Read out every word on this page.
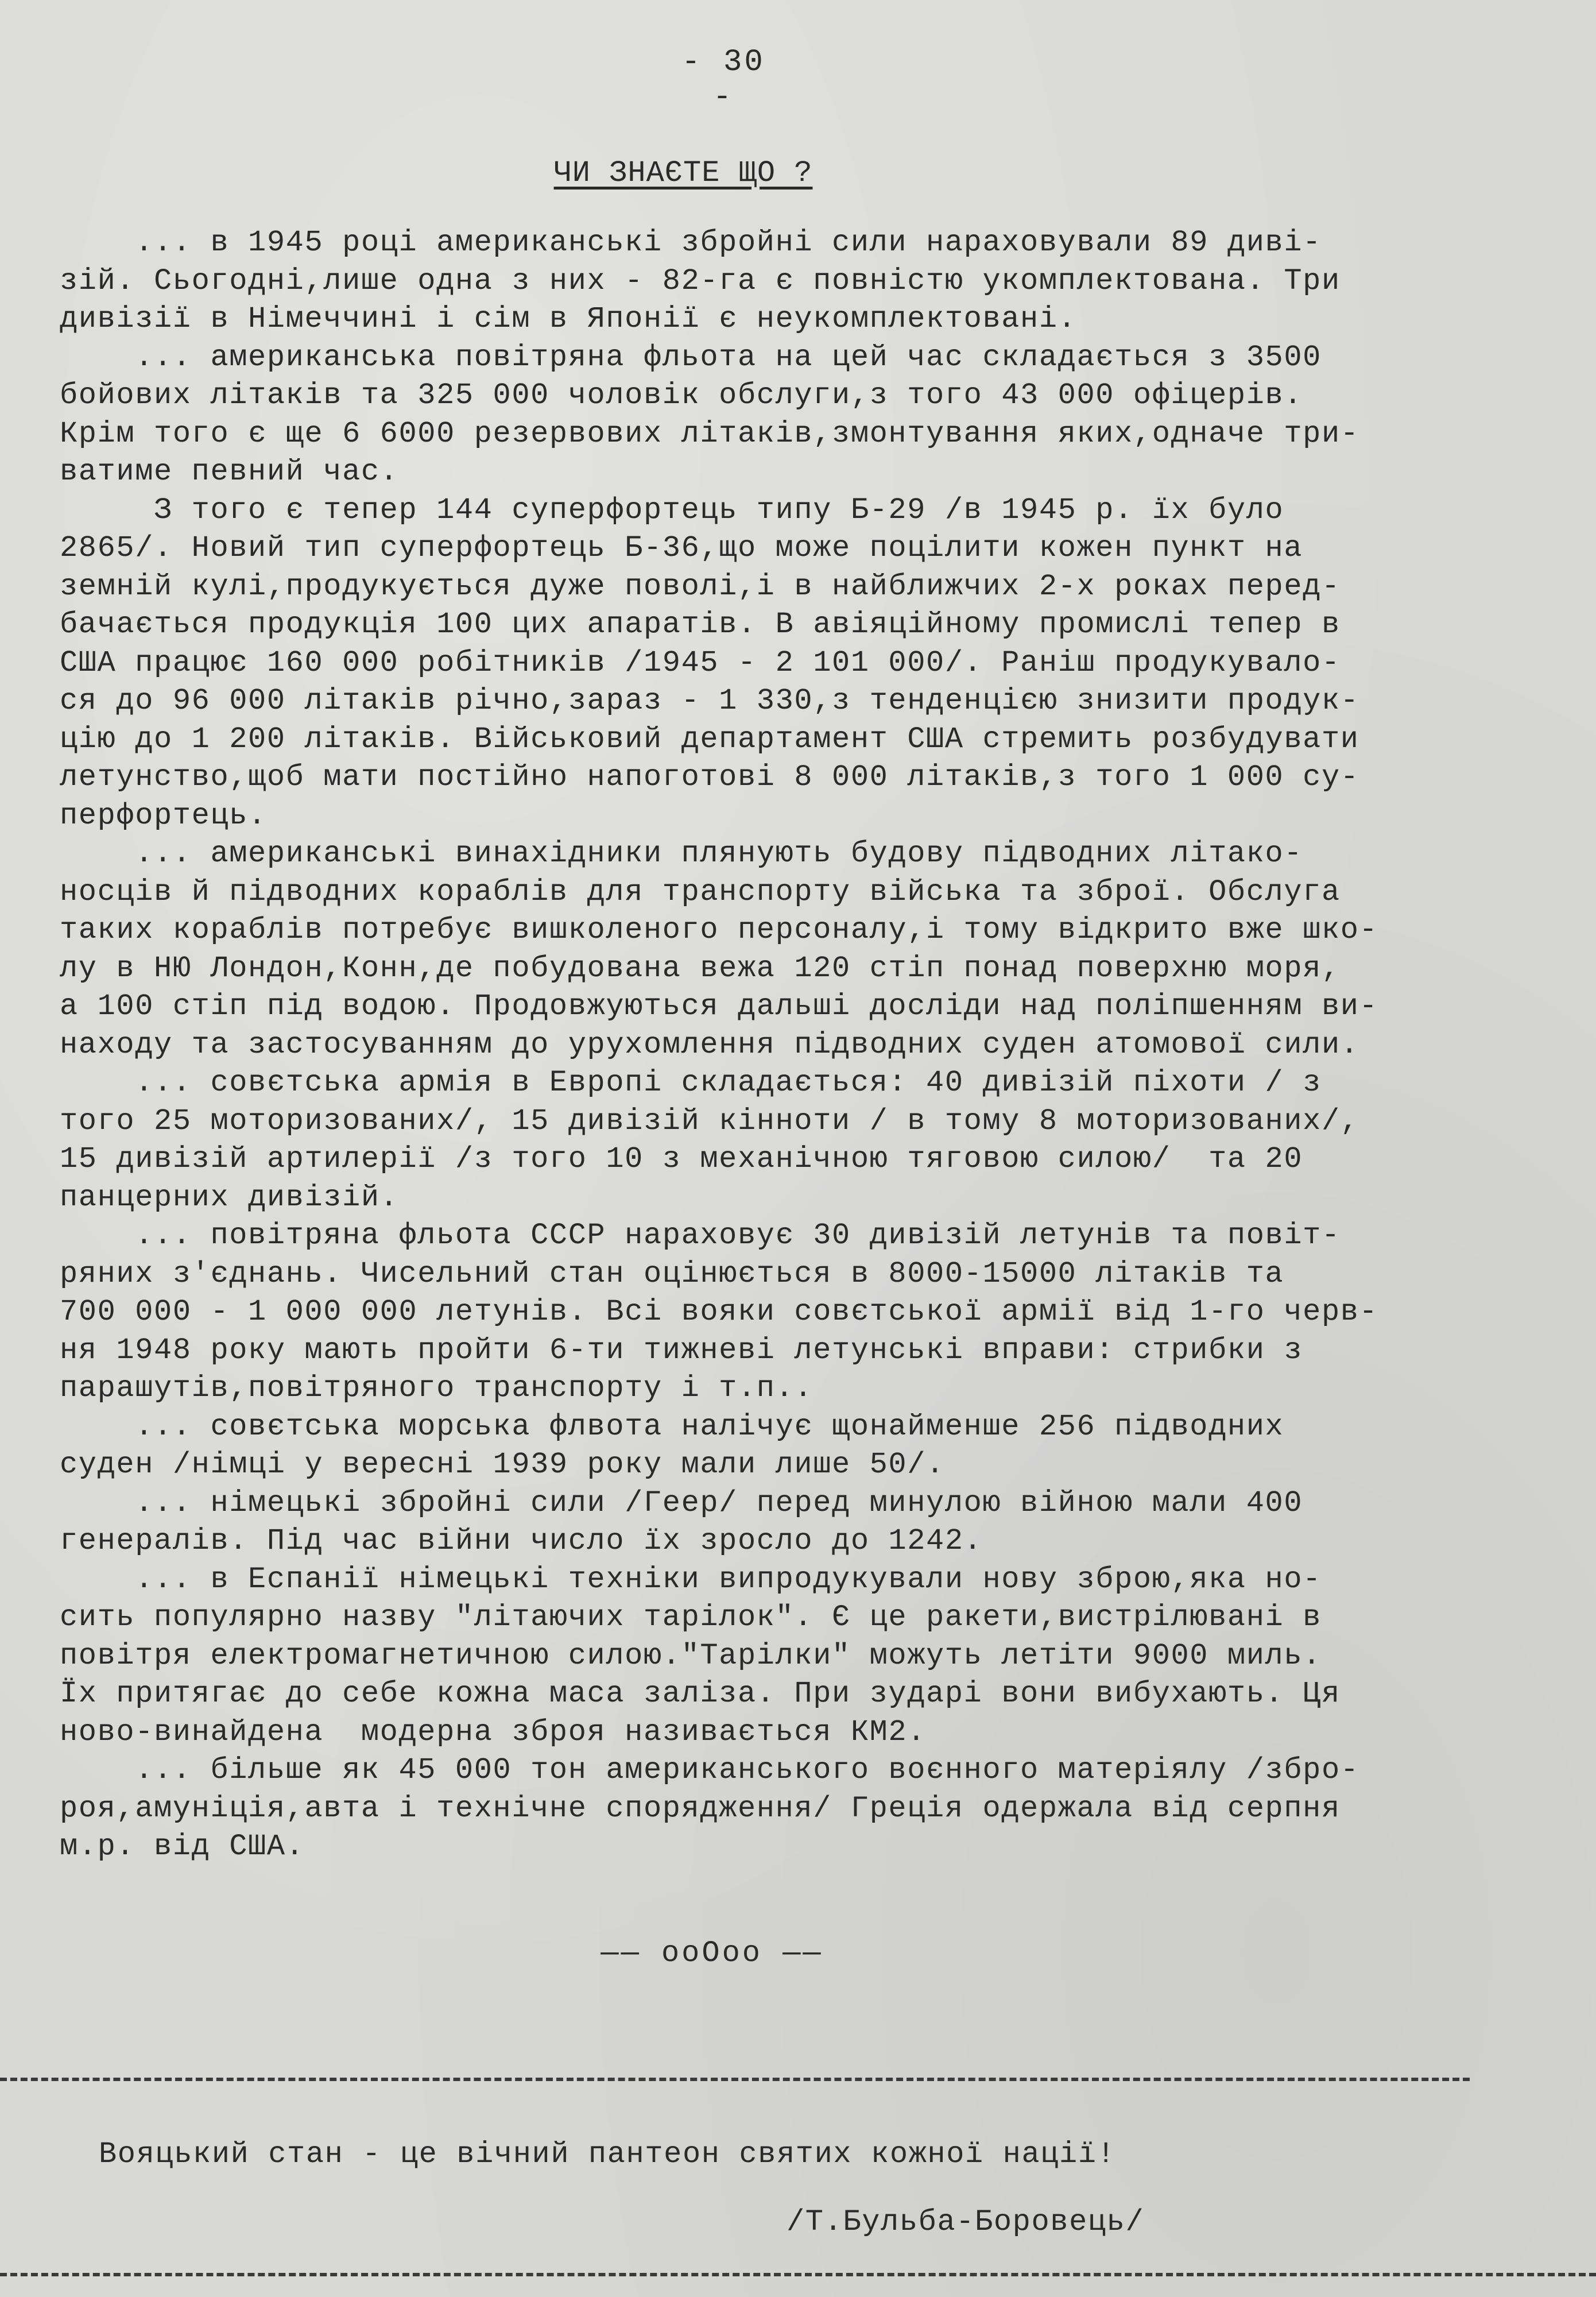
- 30 -
ЧИ ЗНАЄТЕ ЩО ?
... в 1945 році американські збройні сили нараховували 89 диві-
зій. Сьогодні,лише одна з них - 82-га є повністю укомплектована. Три
дивізії в Німеччині і сім в Японії є неукомплектовані.
... американська повітряна фльота на цей час складається з 3500
бойових літаків та 325 000 чоловік обслуги,з того 43 000 офіцерів.
Крім того є ще 6 6000 резервових літаків,змонтування яких,одначе три-
ватиме певний час.
З того є тепер 144 суперфортець типу Б-29 /в 1945 р. їх було
2865/. Новий тип суперфортець Б-36,що може поцілити кожен пункт на
земній кулі,продукується дуже поволі,і в найближчих 2-х роках перед-
бачається продукція 100 цих апаратів. В авіяційному промислі тепер в
США працює 160 000 робітників /1945 - 2 101 000/. Раніш продукувало-
ся до 96 000 літаків річно,зараз - 1 330,з тенденцією знизити продук-
цію до 1 200 літаків. Військовий департамент США стремить розбудувати
летунство,щоб мати постійно напоготові 8 000 літаків,з того 1 000 су-
перфортець.
... американські винахідники плянують будову підводних літако-
носців й підводних кораблів для транспорту війська та зброї. Обслуга
таких кораблів потребує вишколеного персоналу,і тому відкрито вже шко-
лу в НЮ Лондон,Конн,де побудована вежа 120 стіп понад поверхню моря,
а 100 стіп під водою. Продовжуються дальші досліди над поліпшенням ви-
находу та застосуванням до урухомлення підводних суден атомової сили.
... совєтська армія в Европі складається: 40 дивізій піхоти / з
того 25 моторизованих/, 15 дивізій кінноти / в тому 8 моторизованих/,
15 дивізій артилерії /з того 10 з механічною тяговою силою/  та 20
панцерних дивізій.
... повітряна фльота СССР нараховує 30 дивізій летунів та повіт-
ряних з'єднань. Чисельний стан оцінюється в 8000-15000 літаків та
700 000 - 1 000 000 летунів. Всі вояки совєтської армії від 1-го черв-
ня 1948 року мають пройти 6-ти тижневі летунські вправи: стрибки з
парашутів,повітряного транспорту і т.п..
... совєтська морська флвота налічує щонайменше 256 підводних
суден /німці у вересні 1939 року мали лише 50/.
... німецькі збройні сили /Геер/ перед минулою війною мали 400
генералів. Під час війни число їх зросло до 1242.
... в Еспанії німецькі техніки випродукували нову зброю,яка но-
сить популярно назву "літаючих тарілок". Є це ракети,вистрілювані в
повітря електромагнетичною силою."Тарілки" можуть летіти 9000 миль.
Їх притягає до себе кожна маса заліза. При зударі вони вибухають. Ця
ново-винайдена  модерна зброя називається КМ2.
... більше як 45 000 тон американського воєнного матеріялу /збро-
рoя,амуніція,авта і технічне спорядження/ Греція одержала від серпня
м.р. від США.
—— ooOoo ——
Вояцький стан - це вічний пантеон святих кожної нації!
/Т.Бульба-Боровець/
